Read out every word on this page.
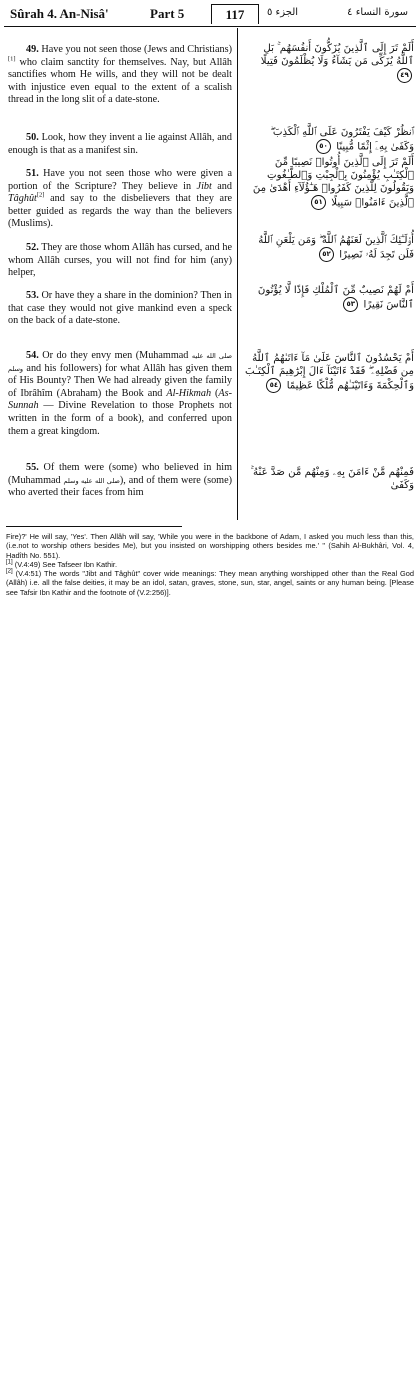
Sûrah 4. An-Nisâ'	Part 5	117	الجزء ٥	سورة النساء ٤

49. Have you not seen those (Jews and Christians)[1] who claim sanctity for themselves. Nay, but Allâh sanctifies whom He wills, and they will not be dealt with injustice even equal to the extent of a scalish thread in the long slit of a date-stone.

50. Look, how they invent a lie against Allâh, and enough is that as a manifest sin.

51. Have you not seen those who were given a portion of the Scripture? They believe in Jibt and Tâghût[2] and say to the disbelievers that they are better guided as regards the way than the believers (Muslims).

52. They are those whom Allâh has cursed, and he whom Allâh curses, you will not find for him (any) helper,

53. Or have they a share in the dominion? Then in that case they would not give mankind even a speck on the back of a date-stone.

54. Or do they envy men (Muhammad صلى الله عليه وسلم and his followers) for what Allâh has given them of His Bounty? Then We had already given the family of Ibrâhîm (Abraham) the Book and Al-Hikmah (As-Sunnah — Divine Revelation to those Prophets not written in the form of a book), and conferred upon them a great kingdom.

55. Of them were (some) who believed in him (Muhammad صلى الله عليه وسلم), and of them were (some) who averted their faces from him

أَلَمْ تَرَ إِلَى ٱلَّذِينَ يُزَكُّونَ أَنفُسَهُم ۚ بَلِ ٱللَّهُ يُزَكِّى مَن يَشَآءُ وَلَا يُظْلَمُونَ فَتِيلًا ٤٩

ٱنظُرْ كَيْفَ يَفْتَرُونَ عَلَى ٱللَّهِ ٱلْكَذِبَ ۖ وَكَفَىٰ بِهِۦٓ إِثْمًا مُّبِينًا ٥٠

أَلَمْ تَرَ إِلَى ٱلَّذِينَ أُوتُوا۟ نَصِيبًا مِّنَ ٱلْكِتَـٰبِ يُؤْمِنُونَ بِٱلْجِبْتِ وَٱلطَّـٰغُوتِ وَيَقُولُونَ لِلَّذِينَ كَفَرُوا۟ هَـٰٓؤُلَآءِ أَهْدَىٰ مِنَ ٱلَّذِينَ ءَامَنُوا۟ سَبِيلًا ٥١

أُو۟لَـٰٓئِكَ ٱلَّذِينَ لَعَنَهُمُ ٱللَّهُ ۖ وَمَن يَلْعَنِ ٱللَّهُ فَلَن تَجِدَ لَهُۥ نَصِيرًا ٥٢

أَمْ لَهُمْ نَصِيبٌ مِّنَ ٱلْمُلْكِ فَإِذًا لَّا يُؤْتُونَ ٱلنَّاسَ نَقِيرًا ٥٣

أَمْ يَحْسُدُونَ ٱلنَّاسَ عَلَىٰ مَآ ءَاتَىٰهُمُ ٱللَّهُ مِن فَضْلِهِۦ ۖ فَقَدْ ءَاتَيْنَآ ءَالَ إِبْرَٰهِيمَ ٱلْكِتَـٰبَ وَٱلْحِكْمَةَ وَءَاتَيْنَـٰهُم مُّلْكًا عَظِيمًا ٥٤

فَمِنْهُم مَّنْ ءَامَنَ بِهِۦ وَمِنْهُم مَّن صَدَّ عَنْهُ ۚ وَكَفَىٰ

Fire)?' He will say, 'Yes'. Then Allâh will say, 'While you were in the backbone of Adam, I asked you much less than this, (i.e.not to worship others besides Me), but you insisted on worshipping others besides me.' " (Sahih Al-Bukhâri, Vol. 4, Hadîth No. 551).

[1] (V.4:49) See Tafseer Ibn Kathir.

[2] (V.4:51) The words "Jibt and Tâghût" cover wide meanings: They mean anything worshipped other than the Real God (Allâh) i.e. all the false deities, it may be an idol, satan, graves, stone, sun, star, angel, saints or any human being. [Please see Tafsir Ibn Kathir and the footnote of (V.2:256)].
